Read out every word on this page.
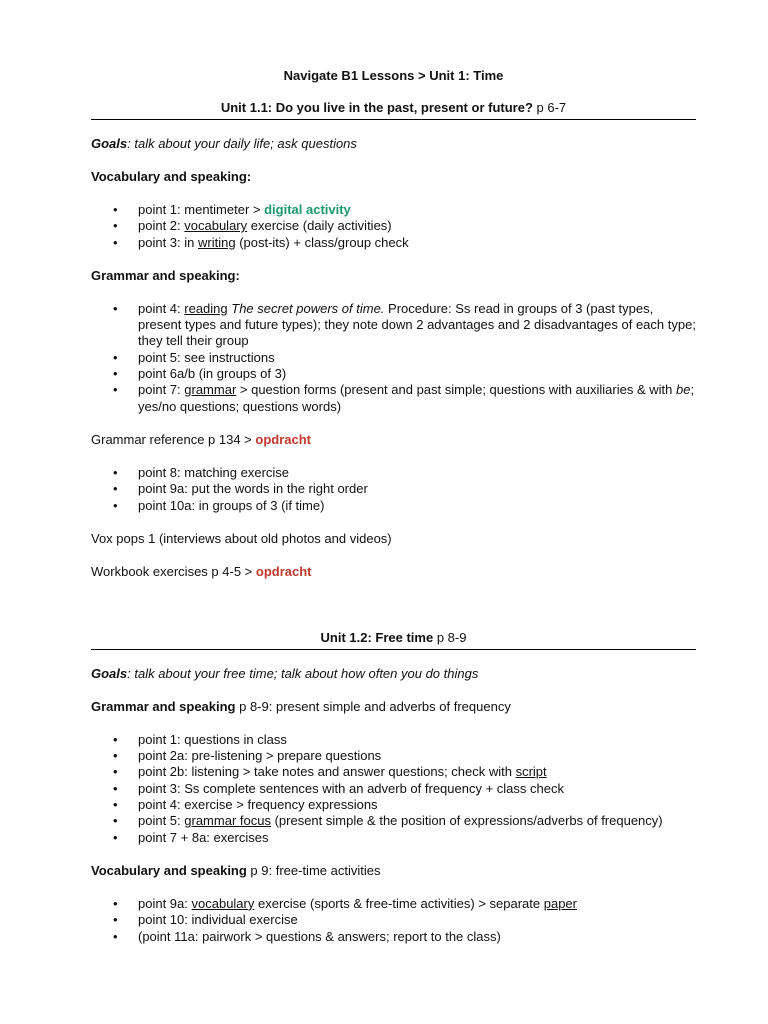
Navigate B1 Lessons > Unit 1: Time
Unit 1.1: Do you live in the past, present or future? p 6-7

Goals: talk about your daily life; ask questions

Vocabulary and speaking:

• point 1: mentimeter > digital activity
• point 2: vocabulary exercise (daily activities)
• point 3: in writing (post-its) + class/group check

Grammar and speaking:

• point 4: reading The secret powers of time. Procedure: Ss read in groups of 3 (past types, present types and future types); they note down 2 advantages and 2 disadvantages of each type; they tell their group
• point 5: see instructions
• point 6a/b (in groups of 3)
• point 7: grammar > question forms (present and past simple; questions with auxiliaries & with be; yes/no questions; questions words)

Grammar reference p 134 > opdracht

• point 8: matching exercise
• point 9a: put the words in the right order
• point 10a: in groups of 3 (if time)

Vox pops 1 (interviews about old photos and videos)

Workbook exercises p 4-5 > opdracht

Unit 1.2: Free time p 8-9

Goals: talk about your free time; talk about how often you do things

Grammar and speaking p 8-9: present simple and adverbs of frequency

• point 1: questions in class
• point 2a: pre-listening > prepare questions
• point 2b: listening > take notes and answer questions; check with script
• point 3: Ss complete sentences with an adverb of frequency + class check
• point 4: exercise > frequency expressions
• point 5: grammar focus (present simple & the position of expressions/adverbs of frequency)
• point 7 + 8a: exercises

Vocabulary and speaking p 9: free-time activities

• point 9a: vocabulary exercise (sports & free-time activities) > separate paper
• point 10: individual exercise
• (point 11a: pairwork > questions & answers; report to the class)
